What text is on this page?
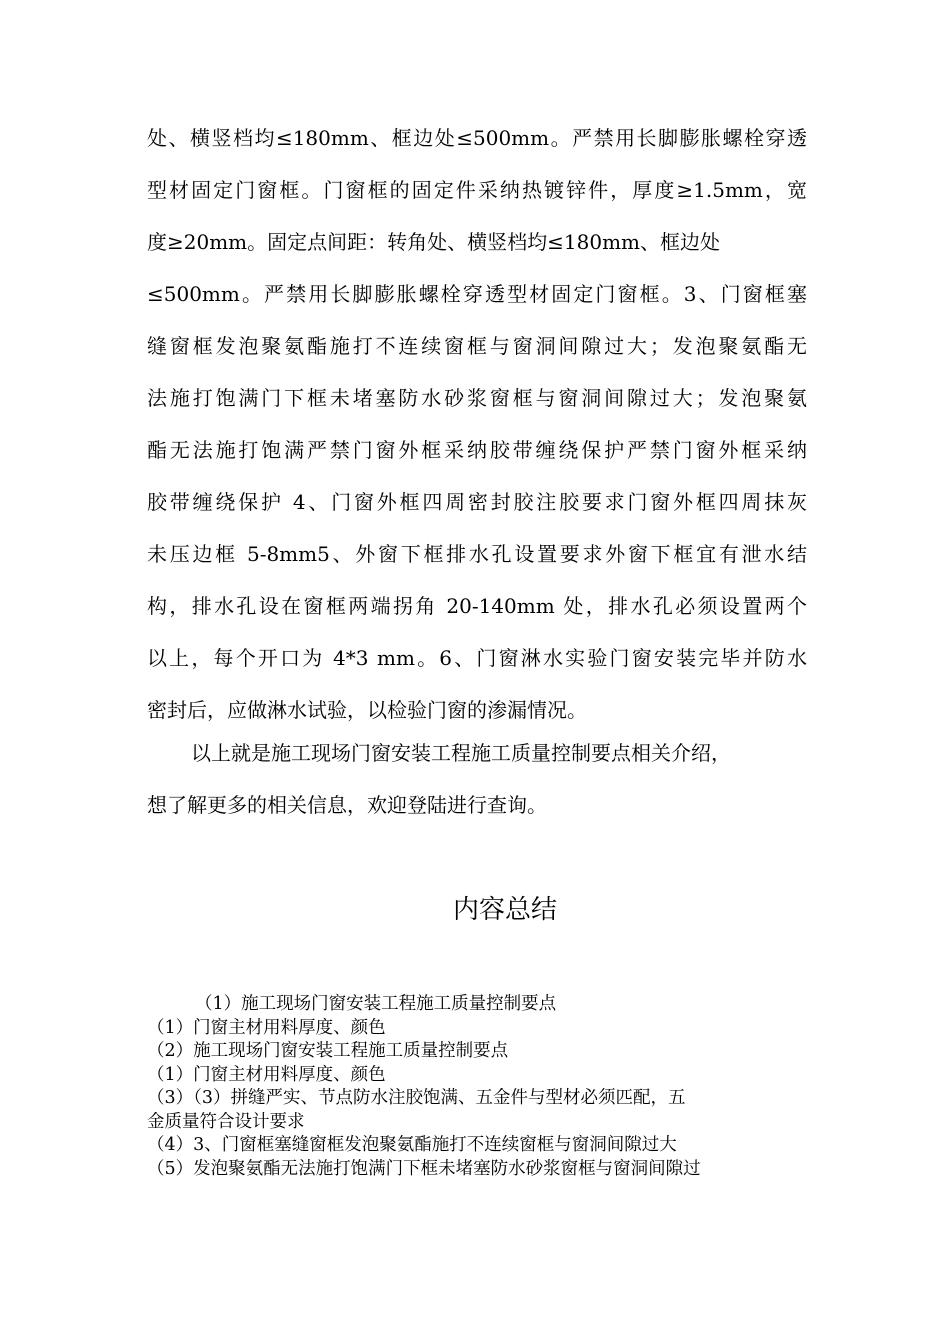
处、横竖档均≤180mm、框边处≤500mm。严禁用长脚膨胀螺栓穿透
型材固定门窗框。门窗框的固定件采纳热镀锌件，厚度≥1.5mm，宽
度≥20mm。固定点间距：转角处、横竖档均≤180mm、框边处
≤500mm。严禁用长脚膨胀螺栓穿透型材固定门窗框。3、门窗框塞
缝窗框发泡聚氨酯施打不连续窗框与窗洞间隙过大；发泡聚氨酯无
法施打饱满门下框未堵塞防水砂浆窗框与窗洞间隙过大；发泡聚氨
酯无法施打饱满严禁门窗外框采纳胶带缠绕保护严禁门窗外框采纳
胶带缠绕保护 4、门窗外框四周密封胶注胶要求门窗外框四周抹灰
未压边框 5-8mm5、外窗下框排水孔设置要求外窗下框宜有泄水结
构，排水孔设在窗框两端拐角 20-140mm 处，排水孔必须设置两个
以上，每个开口为 4*3 mm。6、门窗淋水实验门窗安装完毕并防水
密封后，应做淋水试验，以检验门窗的渗漏情况。
以上就是施工现场门窗安装工程施工质量控制要点相关介绍，
想了解更多的相关信息，欢迎登陆进行查询。
内容总结
（1）施工现场门窗安装工程施工质量控制要点
（1）门窗主材用料厚度、颜色
（2）施工现场门窗安装工程施工质量控制要点
（1）门窗主材用料厚度、颜色
（3）（3）拼缝严实、节点防水注胶饱满、五金件与型材必须匹配，五
金质量符合设计要求
（4）3、门窗框塞缝窗框发泡聚氨酯施打不连续窗框与窗洞间隙过大
（5）发泡聚氨酯无法施打饱满门下框未堵塞防水砂浆窗框与窗洞间隙过
